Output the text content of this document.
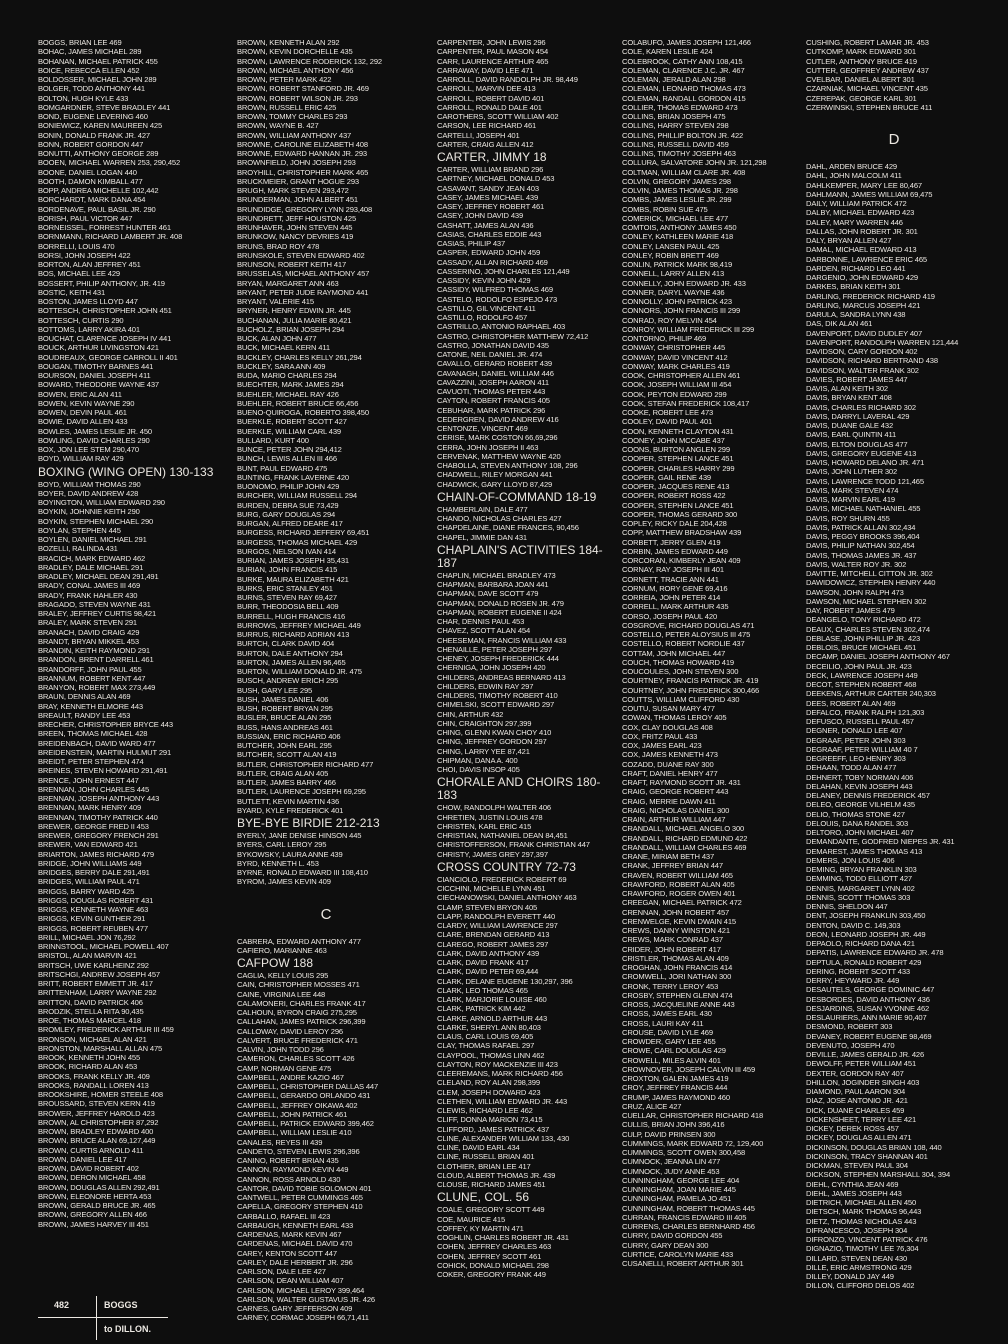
BOGGS, BRIAN LEE 469
BOHAC, JAMES MICHAEL 289
BOHANAN, MICHAEL PATRICK 455
BOICE, REBECCA ELLEN 452
BOLDOSSER, MICHAEL JOHN 289
BOLGER, TODD ANTHONY 441
BOLTON, HUGH KYLE 433
BOMGARDNER, STEVE BRADLEY 441
BOND, EUGENE LEVERING 460
BONIEWICZ, KAREN MAUREEN 425
BONIN, DONALD FRANK JR. 427
BONN, ROBERT GORDON 447
BONUTTI, ANTHONY GEORGE 289
BOOEN, MICHAEL WARREN 253, 290,452
BOONE, DANIEL LOGAN 440
BOOTH, DAMON KIMBALL 477
BOPP, ANDREA MICHELLE 102,442
BORCHARDT, MARK DANA 454
BORDENAVE, PAUL BASIL JR. 290
BORISH, PAUL VICTOR 447
BORNEISSEL, FORREST HUNTER 461
BORNMANN, RICHARD LAMBERT JR. 408
BORRELLI, LOUIS 470
BORSI, JOHN JOSEPH 422
BORTON, ALAN JEFFREY 451
BOS, MICHAEL LEE 429
BOSSERT, PHILIP ANTHONY, JR. 419
BOSTIC, KEITH 431
BOSTON, JAMES LLOYD 447
BOTTESCH, CHRISTOPHER JOHN 451
BOTTESCH, CURTIS 290
BOTTOMS, LARRY AKIRA 401
BOUCHAT, CLARENCE JOSEPH IV 441
BOUCK, ARTHUR LIVINGSTON 421
BOUDREAUX, GEORGE CARROLL II 401
BOUGAN, TIMOTHY BARNES 441
BOURSON, DANIEL JOSEPH 411
BOWARD, THEODORE WAYNE 437
BOWEN, ERIC ALAN 411
BOWEN, KEVIN WAYNE 290
BOWEN, DEVIN PAUL 461
BOWIE, DAVID ALLEN 433
BOWLES, JAMES LESLIE JR. 450
BOWLING, DAVID CHARLES 290
BOX, JON LEE STEM 290,470
BOYD, WILLIAM RAY 429
BOXING (WING OPEN) 130-133
BOYD, WILLIAM THOMAS 290
BOYER, DAVID ANDREW 428
BOYINGTON, WILLIAM EDWARD 290
BOYKIN, JOHNNIE KEITH 290
BOYKIN, STEPHEN MICHAEL 290
BOYLAN, STEPHEN 445
BOYLEN, DANIEL MICHAEL 291
BOZELLI, RALINDA 431
BRACICH, MARK EDWARD 462
BRADLEY, DALE MICHAEL 291
BRADLEY, MICHAEL DEAN 291,491
BRADY, CONAL JAMES III 469
BRADY, FRANK HAHLER 430
BRAGADO, STEVEN WAYNE 431
BRALEY, JEFFREY CURTIS 98,421
BRALEY, MARK STEVEN 291
BRANACH, DAVID CRAIG 429
BRANDT, BRYAN MIKKEL 453
BRANDIN, KEITH RAYMOND 291
BRANDON, BRENT DARRELL 461
BRANDORFF, JOHN PAUL 455
BRANNUM, ROBERT KENT 447
BRANYON, ROBERT MAX 273,449
BRAUN, DENNIS ALAN 469
BRAY, KENNETH ELMORE 443
BREAULT, RANDY LEE 453
BRECHER, CHRISTOPHER BRYCE 443
BREEN, THOMAS MICHAEL 428
BREIDENBACH, DAVID WARD 477
BREIDENSTEIN, MARTIN HULMUT 291
BREIDT, PETER STEPHEN 474
BREINES, STEVEN HOWARD 291,491
BRENCE, JOHN ERNEST 447
BRENNAN, JOHN CHARLES 445
BRENNAN, JOSEPH ANTHONY 443
BRENNAN, MARK HENRY 409
BRENNAN, TIMOTHY PATRICK 440
BREWER, GEORGE FRED II 453
BREWER, GREGORY FRENCH 291
BREWER, VAN EDWARD 421
BRIARTON, JAMES RICHARD 479
BRIDGE, JOHN WILLIAMS 449
BRIDGES, BERRY DALE 291,491
BRIDGES, WILLIAM PAUL 471
BRIGGS, BARRY WARD 425
BRIGGS, DOUGLAS ROBERT 431
BRIGGS, KENNETH WAYNE 463
BRIGGS, KEVIN GUNTHER 291
BRIGGS, ROBERT REUBEN 477
BRILL, MICHAEL JON 76,292
BRINNSTOOL, MICHAEL POWELL 407
BRISTOL, ALAN MARVIN 421
BRITSCH, UWE KARLHEINZ 292
BRITSCHGI, ANDREW JOSEPH 457
BRITT, ROBERT EMMETT JR. 417
BRITTENHAM, LARRY WAYNE 292
BRITTON, DAVID PATRICK 406
BRODZIK, STELLA RITA 90,435
BROE, THOMAS MARCEL 418
BROMLEY, FREDERICK ARTHUR III 459
BRONSON, MICHAEL ALAN 421
BRONSTON, MARSHALL ALLAN 475
BROOK, KENNETH JOHN 455
BROOK, RICHARD ALAN 453
BROOKS, FRANK KELLY JR. 409
BROOKS, RANDALL LOREN 413
BROOKSHIRE, HOMER STEELE 408
BROUSSARD, STEVEN KERN 419
BROWER, JEFFREY HAROLD 423
BROWN, AL CHRISTOPHER 87,292
BROWN, BRADLEY EDWARD 400
BROWN, BRUCE ALAN 69,127,449
BROWN, CURTIS ARNOLD 411
BROWN, DANIEL LEE 417
BROWN, DAVID ROBERT 402
BROWN, DERON MICHAEL 458
BROWN, DOUGLAS ALLEN 292,491
BROWN, ELEONORE HERTA 453
BROWN, GERALD BRUCE JR. 465
BROWN, GREGORY ALLEN 466
BROWN, JAMES HARVEY III 451
BROWN, KENNETH ALAN 292
BROWN, KEVIN DORCHELLE 435
BROWN, LAWRENCE RODERICK 132, 292
BROWN, MICHAEL ANTHONY 456
BROWN, PETER MARK 422
BROWN, ROBERT STANFORD JR. 469
BROWN, ROBERT WILSON JR. 293
BROWN, RUSSELL ERIC 425
BROWN, TOMMY CHARLES 293
BROWN, WAYNE B. 427
BROWN, WILLIAM ANTHONY 437
BROWNE, CAROLINE ELIZABETH 408
BROWNE, EDWARD HANNAN JR. 293
BROWNFIELD, JOHN JOSEPH 293
BROYHILL, CHRISTOPHER MARK 465
BRUCKMEIER, GRANT HOGUE 293
BRUGH, MARK STEVEN 293,472
BRUNDERMAN, JOHN ALBERT 451
BRUNDIDGE, GREGORY LYNN 293,408
BRUNDRETT, JEFF HOUSTON 425
BRUNHAVER, JOHN STEVEN 445
BRUNKOW, NANCY DEVRIES 419
BRUNS, BRAD ROY 478
BRUNSKOLE, STEVEN EDWARD 402
BRUNSON, ROBERT KEITH 417
BRUSSELAS, MICHAEL ANTHONY 457
BRYAN, MARGARET ANN 463
BRYANT, PETER JUDE RAYMOND 441
BRYANT, VALERIE 415
BRYNER, HENRY EDWIN JR. 445
BUCHANAN, JULIA MARIE 80,421
BUCHOLZ, BRIAN JOSEPH 294
BUCK, ALAN JOHN 477
BUCK, MICHAEL KERN 411
BUCKLEY, CHARLES KELLY 261,294
BUCKLEY, SARA ANN 409
BUDA, MARIO CHARLES 294
BUECHTER, MARK JAMES 294
BUEHLER, MICHAEL RAY 426
BUEHLER, ROBERT BRUCE 66,456
BUENO-QUIROGA, ROBERTO 398,450
BUERKLE, ROBERT SCOTT 427
BUERKLE, WILLIAM CARL 439
BULLARD, KURT 400
BUNCE, PETER JOHN 294,412
BUNCH, LEWIS ALLEN III 466
BUNT, PAUL EDWARD 475
BUNTING, FRANK LAVERNE 420
BUONOMO, PHILIP JOHN 429
BURCHER, WILLIAM RUSSELL 294
BURDEN, DEBRA SUE 73,429
BURG, GARY DOUGLAS 294
BURGAN, ALFRED DEARE 417
BURGESS, RICHARD JEFFERY 69,451
BURGESS, THOMAS MICHAEL 429
BURGOS, NELSON IVAN 414
BURIAN, JAMES JOSEPH 35,431
BURIAN, JOHN FRANCIS 415
BURKE, MAURA ELIZABETH 421
BURKS, ERIC STANLEY 451
BURNS, STEVEN RAY 69,427
BURR, THEODOSIA BELL 409
BURRELL, HUGH FRANCIS 416
BURROWS, JEFFREY MICHAEL 449
BURRUS, RICHARD ADRIAN 413
BURTCH, CLARK DAVID 404
BURTON, DALE ANTHONY 294
BURTON, JAMES ALLEN 96,465
BURTON, WILLIAM DONALD JR. 475
BUSCH, ANDREW ERICH 295
BUSH, GARY LEE 295
BUSH, JAMES DANIEL 406
BUSH, ROBERT BRYAN 295
BUSLER, BRUCE ALAN 295
BUSS, HANS ANDREAS 461
BUSSIAN, ERIC RICHARD 406
BUTCHER, JOHN EARL 295
BUTCHER, SCOTT ALAN 419
BUTLER, CHRISTOPHER RICHARD 477
BUTLER, CRAIG ALAN 405
BUTLER, JAMES BARRY 466
BUTLER, LAURENCE JOSEPH 69,295
BUTLETT, KEVIN MARTIN 436
BYARD, KYLE FREDERICK 401
BYE-BYE BIRDIE 212-213
BYERLY, JANE DENISE HINSON 445
BYERS, CARL LEROY 295
BYKOWSKY, LAURA ANNE 439
BYRD, KENNETH L. 453
BYRNE, RONALD EDWARD III 108,410
BYROM, JAMES KEVIN 409
C
CABRERA, EDWARD ANTHONY 477
CAFIERO, MARIANNE 463
CAFPOW 188
CAGLIA, KELLY LOUIS 295
CAIN, CHRISTOPHER MOSSES 471
CAINE, VIRGINIA LEE 448
CALAMONERI, CHARLES FRANK 417
CALHOUN, BYRON CRAIG 275,295
CALLAHAN, JAMES PATRICK 296,399
CALLOWAY, DAVID LEROY 296
CALVERT, BRUCE FREDERICK 471
CALVIN, JOHN TODD 296
CAMERON, CHARLES SCOTT 426
CAMP, NORMAN GENE 475
CAMPBELL, ANDRE KAZIO 467
CAMPBELL, CHRISTOPHER DALLAS 447
CAMPBELL, GERARDO ORLANDO 431
CAMPBELL, JEFFREY OIKAWA 402
CAMPBELL, JOHN PATRICK 461
CAMPBELL, PATRICK EDWARD 399,462
CAMPBELL, WILLIAM LESLIE 410
CANALES, REYES III 439
CANDETO, STEVEN LEWIS 296,396
CANINO, ROBERT BRIAN 435
CANNON, RAYMOND KEVIN 449
CANNON, ROSS ARNOLD 430
CANTOR, DAVID TOBIE SOLOMON 401
CANTWELL, PETER CUMMINGS 465
CAPELLA, GREGORY STEPHEN 410
CARBALLO, RAFAEL III 423
CARBAUGH, KENNETH EARL 433
CARDENAS, MARK KEVIN 467
CARDENAS, MICHAEL DAVID 470
CAREY, KENTON SCOTT 447
CARLEY, DALE HERBERT JR. 296
CARLSON, DALE LEE 427
CARLSON, DEAN WILLIAM 407
CARLSON, MICHAEL LEROY 399,464
CARLSON, WALTER GUSTAVUS JR. 426
CARNES, GARY JEFFERSON 409
CARNEY, CORMAC JOSEPH 66,71,411
CARPENTER, JOHN LEWIS 296
CARPENTER, PAUL MASON 454
CARR, LAURENCE ARTHUR 465
CARRAWAY, DAVID LEE 471
CARROLL, DAVID RANDOLPH JR. 98,449
CARROLL, MARVIN DEE 413
CARROLL, ROBERT DAVID 401
CARROLL, RONALD DALE 401
CAROTHERS, SCOTT WILLIAM 402
CARSON, LEE RICHARD 461
CARTELLI, JOSEPH 401
CARTER, CRAIG ALLEN 412
CARTER, JIMMY 18
CARTER, WILLIAM BRAND 296
CARTNEY, MICHAEL DONALD 453
CASAVANT, SANDY JEAN 403
CASEY, JAMES MICHAEL 439
CASEY, JEFFREY ROBERT 461
CASEY, JOHN DAVID 439
CASHATT, JAMES ALAN 436
CASIAS, CHARLES EDDIE 443
CASIAS, PHILIP 437
CASPER, EDWARD JOHN 459
CASSADY, ALLAN RICHARD 469
CASSERINO, JOHN CHARLES 121,449
CASSIDY, KEVIN JOHN 429
CASSIDY, WILFRED THOMAS 469
CASTELO, RODOLFO ESPEJO 473
CASTILLO, GIL VINCENT 411
CASTILLO, RODOLFO 457
CASTRILLO, ANTONIO RAPHAEL 403
CASTRO, CHRISTOPHER MATTHEW 72,412
CASTRO, JONATHAN DAVID 435
CATONE, NEIL DANIEL JR. 474
CAVALLO, GERARD ROBERT 439
CAVANAGH, DANIEL WILLIAM 446
CAVAZZINI, JOSEPH AARON 411
CAVUOTI, THOMAS PETER 443
CAYTON, ROBERT FRANCIS 405
CEBUHAR, MARK PATRICK 296
CEDERGREN, DAVID ANDREW 416
CENTONZE, VINCENT 469
CERISE, MARK COSTON 66,69,296
CERRA, JOHN JOSEPH II 463
CERVENAK, MATTHEW WAYNE 420
CHABOLLA, STEVEN ANTHONY 108, 296
CHADWELL, RILEY MORGAN 441
CHADWICK, GARY LLOYD 87,429
CHAIN-OF-COMMAND 18-19
CHAMBERLAIN, DALE 477
CHANDO, NICHOLAS CHARLES 427
CHAPDELAINE, DIANE FRANCES, 90,456
CHAPEL, JIMMIE DAN 431
CHAPLAIN'S ACTIVITIES 184-187
CHAPLIN, MICHAEL BRADLEY 473
CHAPMAN, BARBARA JOAN 441
CHAPMAN, DAVE SCOTT 479
CHAPMAN, DONALD ROSEN JR. 479
CHAPMAN, ROBERT EUGENE II 424
CHAR, DENNIS PAUL 453
CHAVEZ, SCOTT ALAN 454
CHEESEMAN, FRANCIS WILLIAM 433
CHENAILLE, PETER JOSEPH 297
CHENEY, JOSEPH FREDERICK 444
CHERNIGA, JOHN JOSEPH 420
CHILDERS, ANDREAS BERNARD 413
CHILDERS, EDWIN RAY 297
CHILDERS, TIMOTHY ROBERT 410
CHIMELSKI, SCOTT EDWARD 297
CHIN, ARTHUR 432
CHIN, CRAIGHTON 297,399
CHING, GLENN KWAN CHOY 410
CHING, JEFFREY GORDON 297
CHING, LARRY YEE 87,421
CHIPMAN, DANA A. 400
CHOI, DAVIS INSOP 405
CHORALE AND CHOIRS 180-183
CHOW, RANDOLPH WALTER 406
CHRETIEN, JUSTIN LOUIS 478
CHRISTEN, KARL ERIC 415
CHRISTIAN, NATHANIEL DEAN 84,451
CHRISTOFFERSON, FRANK CHRISTIAN 447
CHRISTY, JAMES GREY 297,397
CROSS COUNTRY 72-73
CIANCIOLO, FREDERICK ROBERT 69
CICCHINI, MICHELLE LYNN 451
CIECHANOWSKI, DANIEL ANTHONY 463
CLAMP, STEVEN BRYON 405
CLAPP, RANDOLPH EVERETT 440
CLARDY, WILLIAM LAWRENCE 297
CLARE, BRENDAN GERARD 413
CLAREGO, ROBERT JAMES 297
CLARK, DAVID ANTHONY 439
CLARK, DAVID FRANK 417
CLARK, DAVID PETER 69,444
CLARK, DELANE EUGENE 130,297, 396
CLARK, LEO THOMAS 465
CLARK, MARJORIE LOUISE 460
CLARK, PATRICK KIM 442
CLARKE, ARNOLD ARTHUR 443
CLARKE, SHERYL ANN 80,403
CLAUS, CARL LOUIS 69,405
CLAY, THOMAS RAFAEL 297
CLAYPOOL, THOMAS LINN 462
CLAYTON, ROY MACKENZIE III 423
CLEEREMANS, MARK RICHARD 456
CLELAND, ROY ALAN 298,399
CLEM, JOSEPH DOWARD 423
CLETHEN, WILLIAM EDWARD JR. 443
CLEWIS, RICHARD LEE 462
CLIFF, DONNA MARION 73,415
CLIFFORD, JAMES PATRICK 437
CLINE, ALEXANDER WILLIAM 133, 430
CLINE, DAVID EARL 434
CLINE, RUSSELL BRIAN 401
CLOTHIER, BRIAN LEE 417
CLOUD, ALBERT THOMAS JR. 439
CLOUSE, RICHARD JAMES 451
CLUNE, COL. 56
COALE, GREGORY SCOTT 449
COE, MAURICE 415
COFFEY, KY MARTIN 471
COGHLIN, CHARLES ROBERT JR. 431
COHEN, JEFFREY CHARLES 463
COHEN, JEFFREY SCOTT 461
COHICK, DONALD MICHAEL 298
COKER, GREGORY FRANK 449
COLABUFO, JAMES JOSEPH 121,466
COLE, KAREN LESLIE 424
COLEBROOK, CATHY ANN 108,415
COLEMAN, CLARENCE J.C. JR. 467
COLEMAN, JERALD ALAN 298
COLEMAN, LEONARD THOMAS 473
COLEMAN, RANDALL GORDON 415
COLLIER, THOMAS EDWARD 473
COLLINS, BRIAN JOSEPH 475
COLLINS, HARRY STEVEN 298
COLLINS, PHILLIP BOLTON JR. 422
COLLINS, RUSSELL DAVID 459
COLLINS, TIMOTHY JOSEPH 463
COLLURA, SALVATORE JOHN JR. 121,298
COLTMAN, WILLIAM CLARE JR. 408
COLVIN, GREGORY JAMES 298
COLVIN, JAMES THOMAS JR. 298
COMBS, JAMES LESLIE JR. 299
COMBS, ROBIN SUE 475
COMERICK, MICHAEL LEE 477
COMTOIS, ANTHONY JAMES 450
CONLEY, KATHLEEN MARIE 418
CONLEY, LANSEN PAUL 425
CONLEY, ROBIN BRETT 469
CONLIN, PATRICK MARK 98,419
CONNELL, LARRY ALLEN 413
CONNELLY, JOHN EDWARD JR. 433
CONNER, DARYL WAYNE 436
CONNOLLY, JOHN PATRICK 423
CONNORS, JOHN FRANCIS III 299
CONRAD, ROY MELVIN 454
CONROY, WILLIAM FREDERICK III 299
CONTORNO, PHILIP 469
CONWAY, CHRISTOPHER 445
CONWAY, DAVID VINCENT 412
CONWAY, MARK CHARLES 419
COOK, CHRISTOPHER ALLEN 461
COOK, JOSEPH WILLIAM III 454
COOK, PEYTON EDWARD 299
COOK, STEFAN FREDERICK 108,417
COOKE, ROBERT LEE 473
COOLEY, DAVID PAUL 401
COON, KENNETH CLAYTON 431
COONEY, JOHN MCCABE 437
COONS, BURTON ANGLEN 299
COOPER, STEPHEN LANCE 451
COOPER, CHARLES HARRY 299
COOPER, GAIL RENE 439
COOPER, JACQUES RENE 413
COOPER, ROBERT ROSS 422
COOPER, STEPHEN LANCE 451
COOPER, THOMAS GERARD 300
COPLEY, RICKY DALE 204,428
COPP, MATTHEW BRADSHAW 439
CORBETT, JERRY GLEN 419
CORBIN, JAMES EDWARD 449
CORCORAN, KIMBERLY JEAN 409
CORNAY, RAY JOSEPH III 401
CORNETT, TRACIE ANN 441
CORNUM, RORY GENE 69,416
CORREIA, JOHN PETER 414
CORRELL, MARK ARTHUR 435
CORSO, JOSEPH PAUL 420
COSGROVE, RICHARD DOUGLAS 471
COSTELLO, PETER ALOYSIUS III 475
COSTELLO, ROBERT NORDLIE 437
COTTAM, JOHN MICHAEL 447
COUCH, THOMAS HOWARD 419
COUCOULES, JOHN STEVEN 300
COURTNEY, FRANCIS PATRICK JR. 419
COURTNEY, JOHN FREDERICK 300,466
COUTTS, WILLIAM CLIFFORD 430
COUTU, SUSAN MARY 477
COWAN, THOMAS LEROY 405
COX, CLAY DOUGLAS 408
COX, FRITZ PAUL 433
COX, JAMES EARL 423
COX, JAMES KENNETH 473
COZADD, DUANE RAY 300
CRAFT, DANIEL HENRY 477
CRAFT, RAYMOND SCOTT JR. 431
CRAIG, GEORGE ROBERT 443
CRAIG, MERRIE DAWN 411
CRAIG, NICHOLAS DANIEL 300
CRAIN, ARTHUR WILLIAM 447
CRANDALL, MICHAEL ANGELO 300
CRANDALL, RICHARD EDMUND 422
CRANDALL, WILLIAM CHARLES 469
CRANE, MIRIAM BETH 437
CRANK, JEFFREY BRIAN 447
CRAVEN, ROBERT WILLIAM 465
CRAWFORD, ROBERT ALAN 405
CRAWFORD, ROGER OWEN 401
CREEGAN, MICHAEL PATRICK 472
CRENNAN, JOHN ROBERT 457
CRENWELGE, KEVIN DWAIN 415
CREWS, DANNY WINSTON 421
CREWS, MARK CONRAD 437
CRIDER, JOHN ROBERT 417
CRISTLER, THOMAS ALAN 409
CROGHAN, JOHN FRANCIS 414
CROMWELL, JORI NATHAN 300
CRONK, TERRY LEROY 453
CROSBY, STEPHEN GLENN 474
CROSS, JACQUELINE ANNE 443
CROSS, JAMES EARL 430
CROSS, LAURI KAY 411
CROUSE, DAVID LYLE 469
CROWDER, GARY LEE 455
CROWE, CARL DOUGLAS 429
CROWELL, MILES ALVIN 401
CROWNOVER, JOSEPH CALVIN III 459
CROXTON, GALEN JAMES 419
CROY, JEFFREY FRANCIS 444
CRUMP, JAMES RAYMOND 460
CRUZ, ALICE 427
CUELLAR, CHRISTOPHER RICHARD 418
CULLIS, BRIAN JOHN 396,416
CULP, DAVID PRINSEN 300
CUMMINGS, MARK EDWARD 72, 129,400
CUMMINGS, SCOTT OWEN 300,458
CUMNOCK, JEANNA LIN 477
CUMNOCK, JUDY ANNE 453
CUNNINGHAM, GEORGE LEE 404
CUNNINGHAM, JOAN MARIE 445
CUNNINGHAM, PAMELA JO 451
CUNNINGHAM, ROBERT THOMAS 445
CURRAN, FRANCIS EDWARD III 405
CURRENS, CHARLES BERNHARD 456
CURRY, DAVID GORDON 455
CURRY, GARY DEAN 300
CURTICE, CAROLYN MARIE 433
CUSANELLI, ROBERT ARTHUR 301
CUSHING, ROBERT LAMAR JR. 453
CUTKOMP, MARK EDWARD 301
CUTLER, ANTHONY BRUCE 419
CUTTER, GEOFFREY ANDREW 437
CVELBAR, DANIEL ALBERT 301
CZARNIAK, MICHAEL VINCENT 435
CZEREPAK, GEORGE KARL 301
CZERWINSKI, STEPHEN BRUCE 411
D
DAHL, ARDEN BRUCE 429
DAHL, JOHN MALCOLM 411
DAHLKEMPER, MARY LEE 80,467
DAHLMANN, JAMES WILLIAM 69,475
DAILY, WILLIAM PATRICK 472
DALBY, MICHAEL EDWARD 423
DALEY, MARY WARREN 446
DALLAS, JOHN ROBERT JR. 301
DALY, BRYAN ALLEN 427
DAMAL, MICHAEL EDWARD 413
DARBONNE, LAWRENCE ERIC 465
DARDEN, RICHARD LEO 441
DARGENIO, JOHN EDWARD 429
DARKES, BRIAN KEITH 301
DARLING, FREDERICK RICHARD 419
DARLING, MARCUS JOSEPH 421
DARULA, SANDRA LYNN 438
DAS, DIK ALAN 461
DAVENPORT, DAVID DUDLEY 407
DAVENPORT, RANDOLPH WARREN 121,444
DAVIDSON, CARY GORDON 402
DAVIDSON, RICHARD BERTRAND 438
DAVIDSON, WALTER FRANK 302
DAVIES, ROBERT JAMES 447
DAVIS, ALAN KEITH 302
DAVIS, BRYAN KENT 408
DAVIS, CHARLES RICHARD 302
DAVIS, DARRYL LAVERAL 429
DAVIS, DUANE GALE 432
DAVIS, EARL QUINTIN 411
DAVIS, ELTON DOUGLAS 477
DAVIS, GREGORY EUGENE 413
DAVIS, HOWARD DELANO JR. 471
DAVIS, JOHN LUTHER 302
DAVIS, LAWRENCE TODD 121,465
DAVIS, MARK STEVEN 474
DAVIS, MARVIN EARL 419
DAVIS, MICHAEL NATHANIEL 455
DAVIS, ROY SHURN 455
DAVIS, PATRICK ALLAN 302,434
DAVIS, PEGGY BROOKS 396,404
DAVIS, PHILIP NATHAN 302,454
DAVIS, THOMAS JAMES JR. 437
DAVIS, WALTER ROY JR. 302
DAVITTE, MITCHELL CITTON JR. 302
DAWIDOWICZ, STEPHEN HENRY 440
DAWSON, JOHN RALPH 473
DAWSON, MICHAEL STEPHEN 302
DAY, ROBERT JAMES 479
DEANGELO, TONY RICHARD 472
DEAUX, CHARLES STEVEN 302,474
DEBLASE, JOHN PHILLIP JR. 423
DEBLOIS, BRUCE MICHAEL 451
DECAMP, DANIEL JOSEPH ANTHONY 467
DECEILIO, JOHN PAUL JR. 423
DECK, LAWRENCE JOSEPH 449
DECOT, STEPHEN ROBERT 468
DEEKENS, ARTHUR CARTER 240,303
DEES, ROBERT ALAN 469
DEFALCO, FRANK RALPH 121,303
DEFUSCO, RUSSELL PAUL 457
DEGNER, DONALD LEE 407
DEGRAAF, PETER JOHN 303
DEGRAAF, PETER WILLIAM 40 7
DEGREEFF, LEO HENRY 303
DEHAAN, TODD ALAN 477
DEHNERT, TOBY NORMAN 406
DELAHAN, KEVIN JOSEPH 443
DELANEY, DENNIS FREDERICK 457
DELEO, GEORGE VILHELM 435
DELIO, THOMAS STONE 427
DELOUIS, DANA RANDEL 303
DELTORO, JOHN MICHAEL 407
DEMANDANTE, GODFRED NIEPES JR. 431
DEMAREST, JAMES THOMAS 413
DEMERS, JON LOUIS 406
DEMING, BRYAN FRANKLIN 303
DEMMING, TODD ELLIOTT 427
DENNIS, MARGARET LYNN 402
DENNIS, SCOTT THOMAS 303
DENNIS, SHELDON 447
DENT, JOSEPH FRANKLIN 303,450
DENTON, DAVID C. 149,303
DEON, LEONARD JOSEPH JR. 449
DEPAOLO, RICHARD DANA 421
DEPATIS, LAWRENCE EDWARD JR. 478
DEPTULA, RONALD ROBERT 429
DERING, ROBERT SCOTT 433
DERRY, HEYWARD JR. 449
DESAUTELS, GEORGE DOMINIC 447
DESBORDES, DAVID ANTHONY 436
DESJARDINS, SUSAN YVONNE 462
DESLAURIERS, ANN MARIE 90,407
DESMOND, ROBERT 303
DEVANEY, ROBERT EUGENE 98,469
DEVENUTO, JOSEPH 470
DEVILLE, JAMES GERALD JR. 426
DEWOLFF, PETER WILLIAM 451
DEXTER, GORDON RAY 407
DHILLON, JOGINDER SINGH 403
DIAMOND, PAUL AARON 304
DIAZ, JOSE ANTONIO JR. 421
DICK, DUANE CHARLES 459
DICKENSHEET, TERRY LEE 421
DICKEY, DEREK ROSS 457
DICKEY, DOUGLAS ALLEN 471
DICKINSON, DOUGLAS BRIAN 108, 440
DICKINSON, TRACY SHANNAN 401
DICKMAN, STEVEN PAUL 304
DICKSON, STEPHEN MARSHALL 304, 394
DIEHL, CYNTHIA JEAN 469
DIEHL, JAMES JOSEPH 443
DIETRICH, MICHAEL ALLEN 450
DIETSCH, MARK THOMAS 96,443
DIETZ, THOMAS NICHOLAS 443
DIFRANCESCO, JOSEPH 304
DIFRONZO, VINCENT PATRICK 476
DIGNAZIO, TIMOTHY LEE 76,304
DILLARD, STEVEN DEAN 430
DILLE, ERIC ARMSTRONG 429
DILLEY, DONALD JAY 449
DILLON, CLIFFORD DELOS 402
482	BOGGS
to DILLON.
